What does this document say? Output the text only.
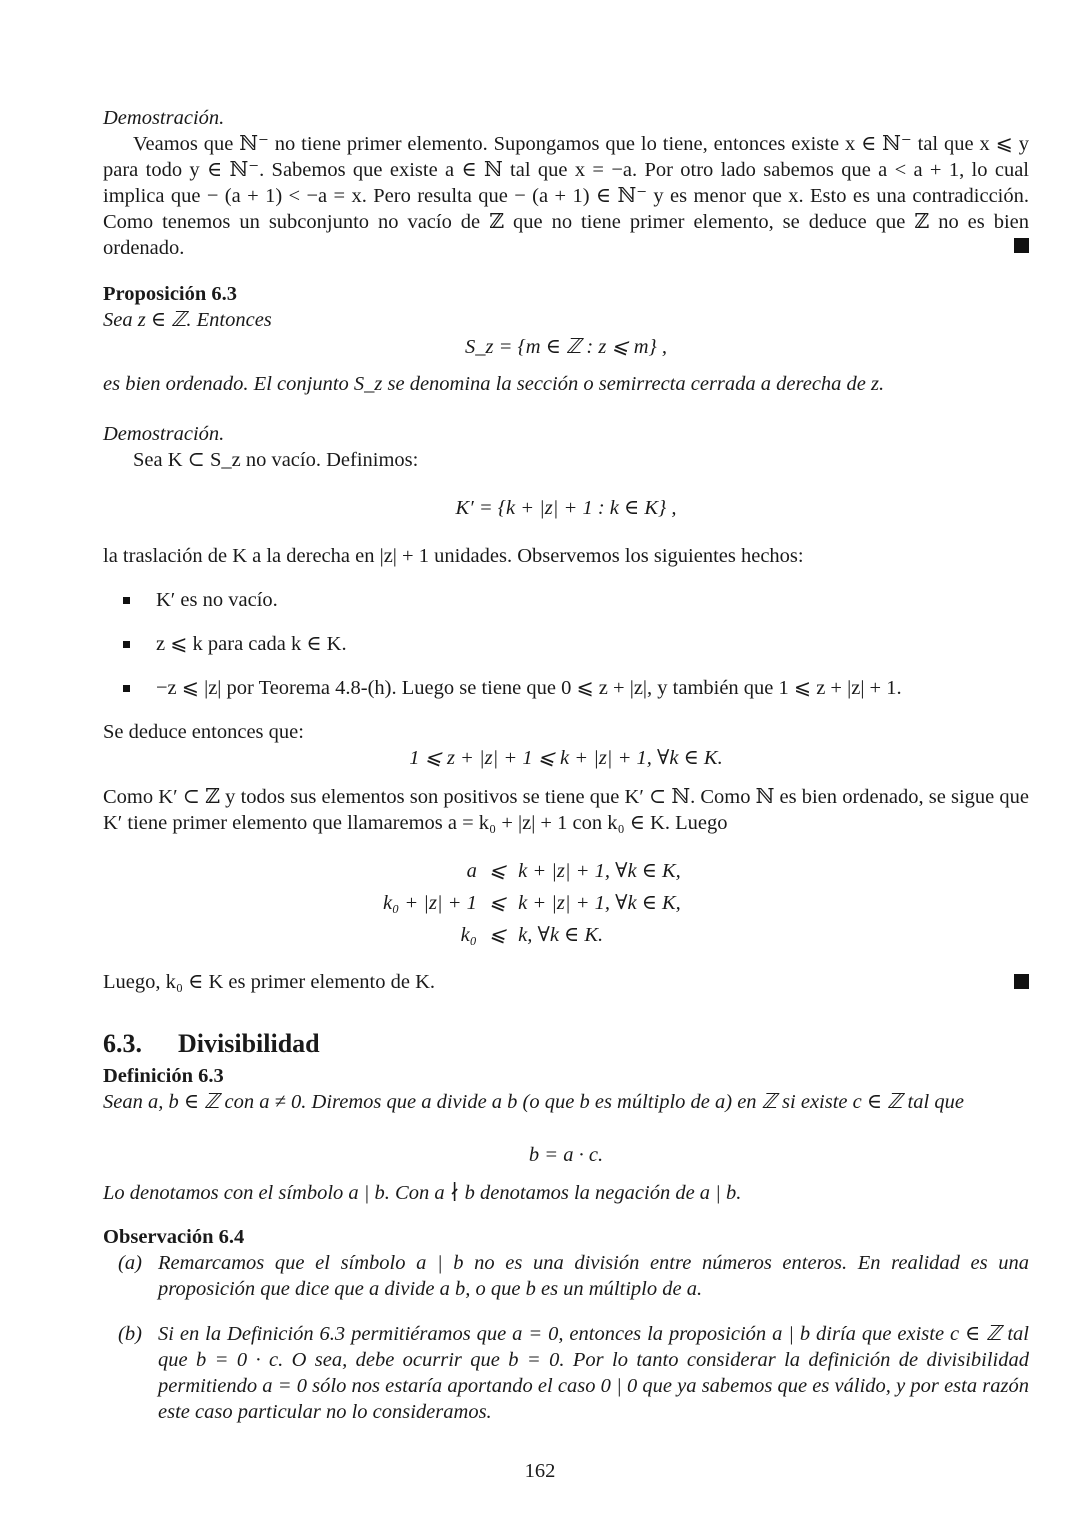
Demostración.
Veamos que ℕ⁻ no tiene primer elemento. Supongamos que lo tiene, entonces existe x ∈ ℕ⁻ tal que x ⩽ y para todo y ∈ ℕ⁻. Sabemos que existe a ∈ ℕ tal que x = −a. Por otro lado sabemos que a < a + 1, lo cual implica que − (a + 1) < −a = x. Pero resulta que − (a + 1) ∈ ℕ⁻ y es menor que x. Esto es una contradicción. Como tenemos un subconjunto no vacío de ℤ que no tiene primer elemento, se deduce que ℤ no es bien ordenado.
Proposición 6.3
Sea z ∈ ℤ. Entonces
S_z = {m ∈ ℤ : z ⩽ m} ,
es bien ordenado. El conjunto S_z se denomina la sección o semirrecta cerrada a derecha de z.
Demostración.
Sea K ⊂ S_z no vacío. Definimos:
K′ = {k + |z| + 1 : k ∈ K} ,
la traslación de K a la derecha en |z| + 1 unidades. Observemos los siguientes hechos:
K′ es no vacío.
z ⩽ k para cada k ∈ K.
−z ⩽ |z| por Teorema 4.8-(h). Luego se tiene que 0 ⩽ z + |z|, y también que 1 ⩽ z + |z| + 1.
Se deduce entonces que:
1 ⩽ z + |z| + 1 ⩽ k + |z| + 1, ∀k ∈ K.
Como K′ ⊂ ℤ y todos sus elementos son positivos se tiene que K′ ⊂ ℕ. Como ℕ es bien ordenado, se sigue que K′ tiene primer elemento que llamaremos a = k₀ + |z| + 1 con k₀ ∈ K. Luego
a ⩽ k + |z| + 1, ∀k ∈ K,
k₀ + |z| + 1 ⩽ k + |z| + 1, ∀k ∈ K,
k₀ ⩽ k, ∀k ∈ K.
Luego, k₀ ∈ K es primer elemento de K.
6.3. Divisibilidad
Definición 6.3
Sean a, b ∈ ℤ con a ≠ 0. Diremos que a divide a b (o que b es múltiplo de a) en ℤ si existe c ∈ ℤ tal que
b = a · c.
Lo denotamos con el símbolo a | b. Con a ∤ b denotamos la negación de a | b.
Observación 6.4
(a) Remarcamos que el símbolo a | b no es una división entre números enteros. En realidad es una proposición que dice que a divide a b, o que b es un múltiplo de a.
(b) Si en la Definición 6.3 permitiéramos que a = 0, entonces la proposición a | b diría que existe c ∈ ℤ tal que b = 0 · c. O sea, debe ocurrir que b = 0. Por lo tanto considerar la definición de divisibilidad permitiendo a = 0 sólo nos estaría aportando el caso 0 | 0 que ya sabemos que es válido, y por esta razón este caso particular no lo consideramos.
162
